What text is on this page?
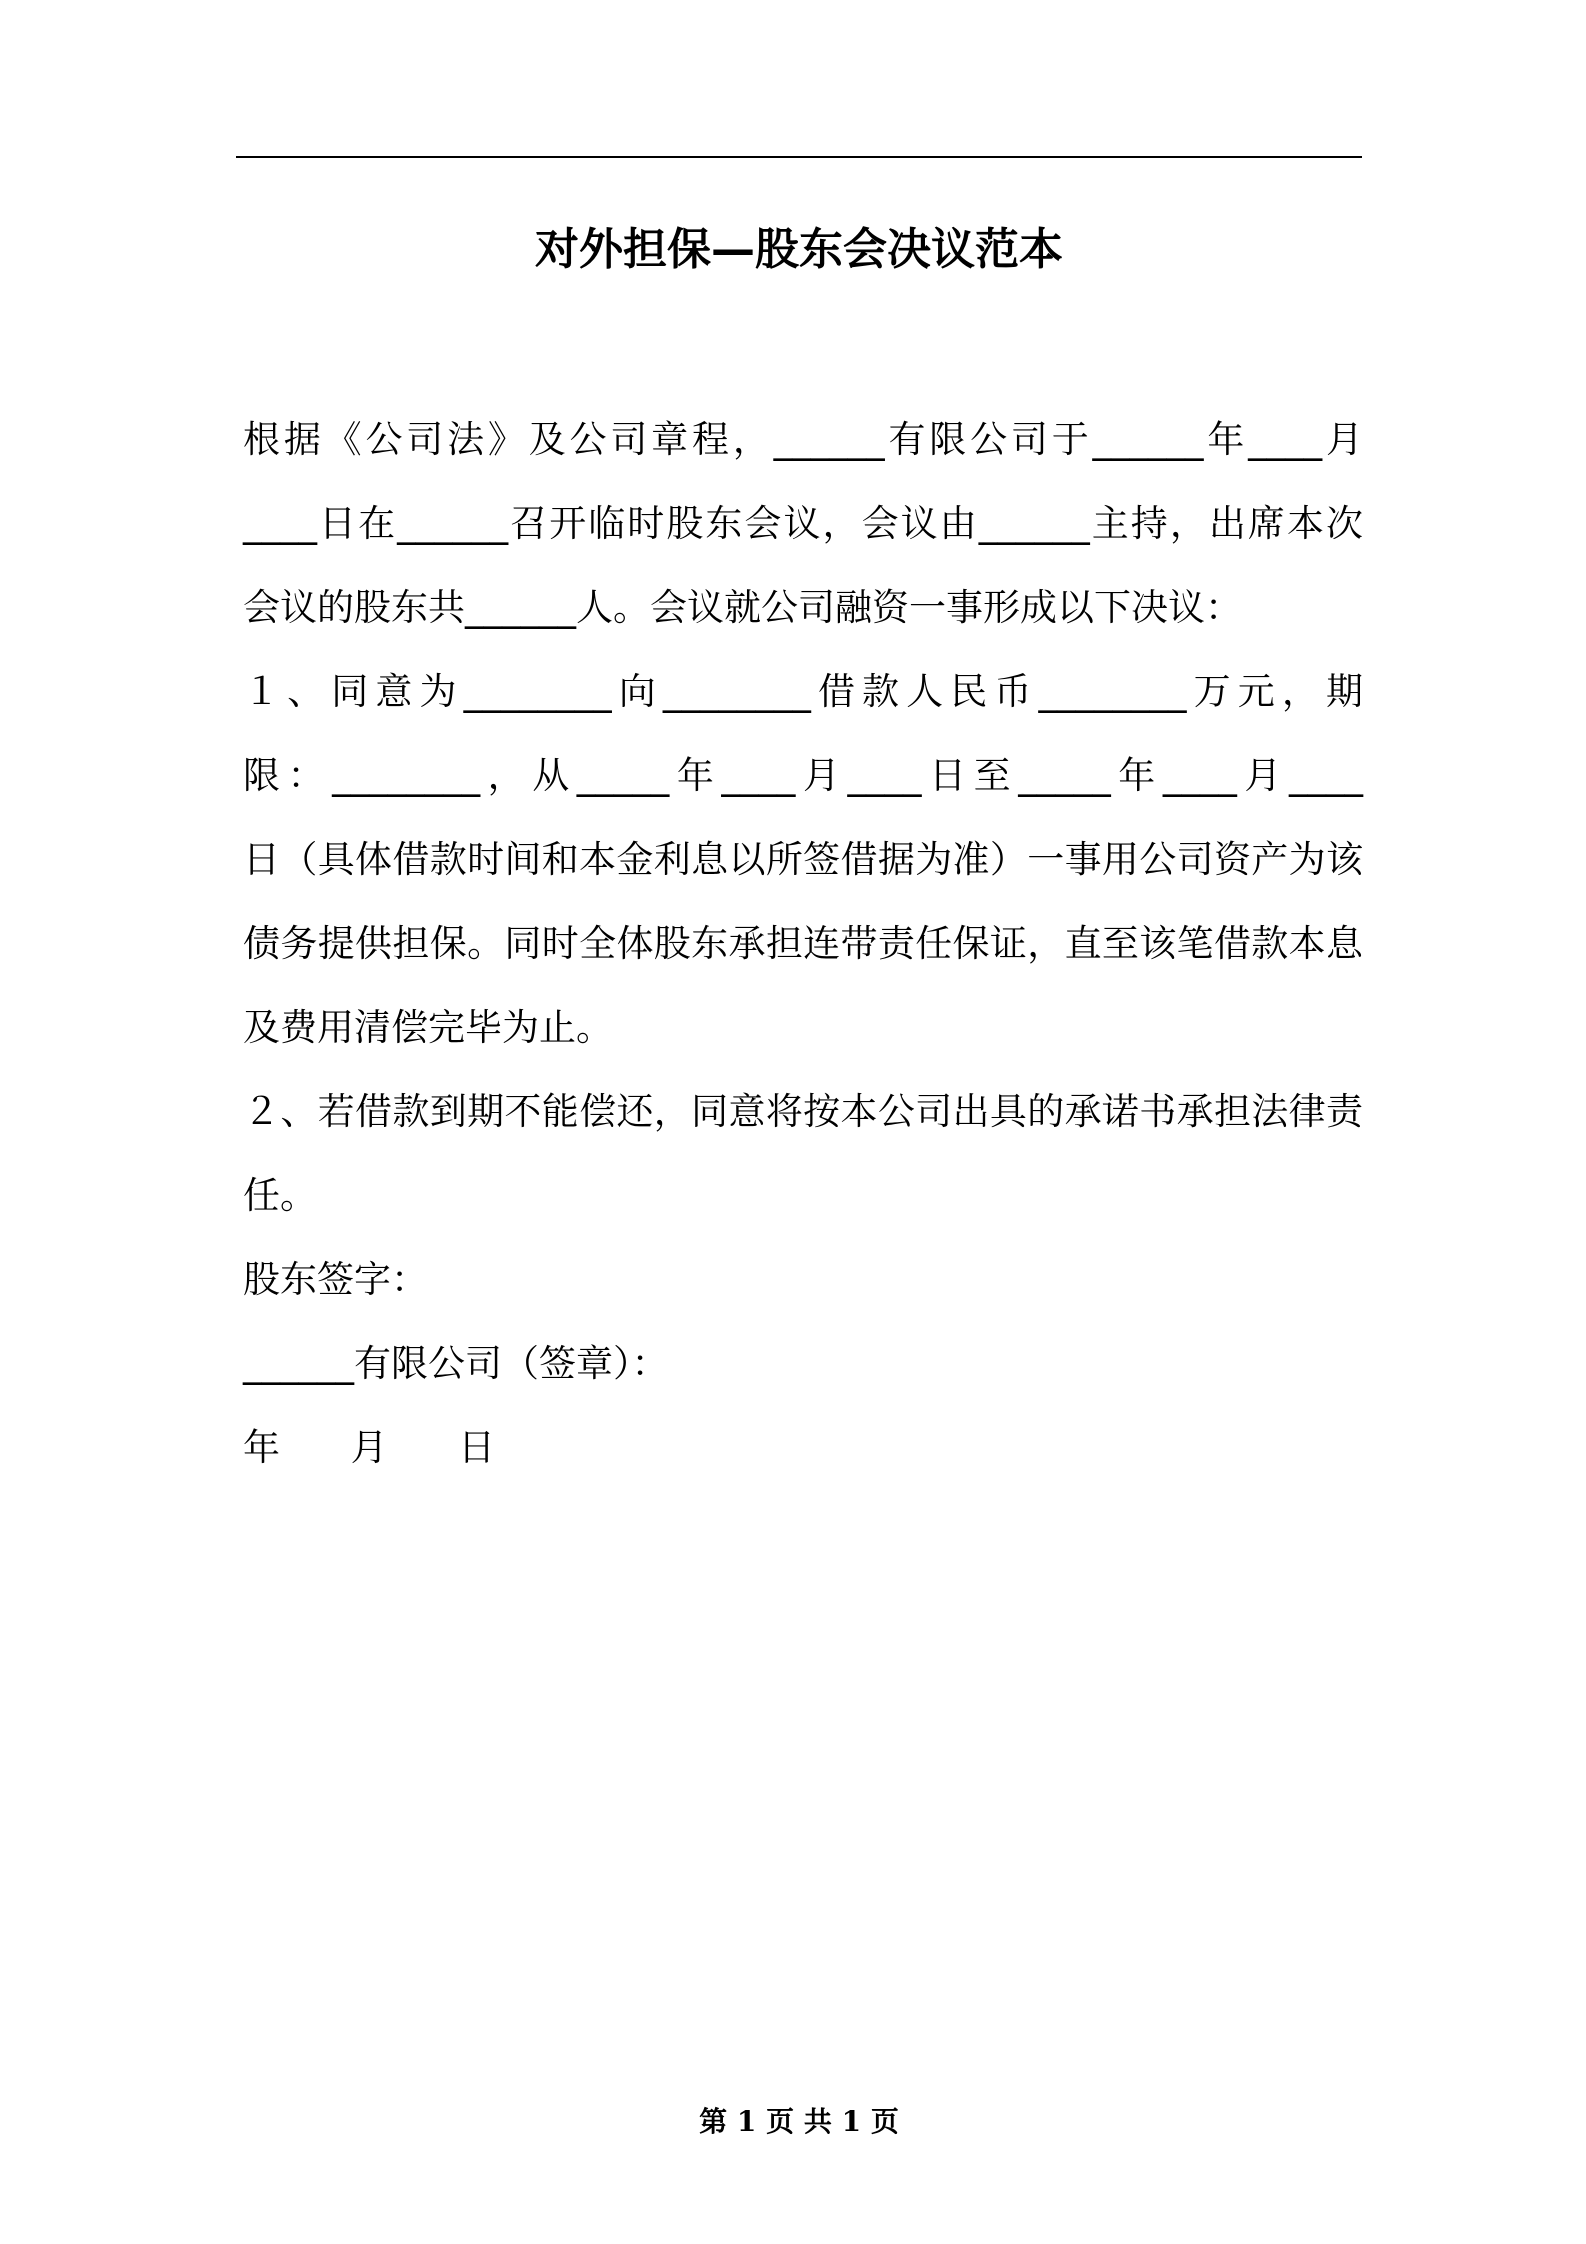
对外担保—股东会决议范本
根据《公司法》及公司章程，______有限公司于______年____月
____日在______召开临时股东会议，会议由______主持，出席本次
会议的股东共______人。会议就公司融资一事形成以下决议：
１、同意为________向________借款人民币________万元，期
限：________，从_____年____月____日至_____年____月____
日（具体借款时间和本金利息以所签借据为准）一事用公司资产为该
债务提供担保。同时全体股东承担连带责任保证，直至该笔借款本息
及费用清偿完毕为止。
２、若借款到期不能偿还，同意将按本公司出具的承诺书承担法律责
任。
股东签字：
______有限公司（签章）：
年      月      日
第 1 页 共 1 页
